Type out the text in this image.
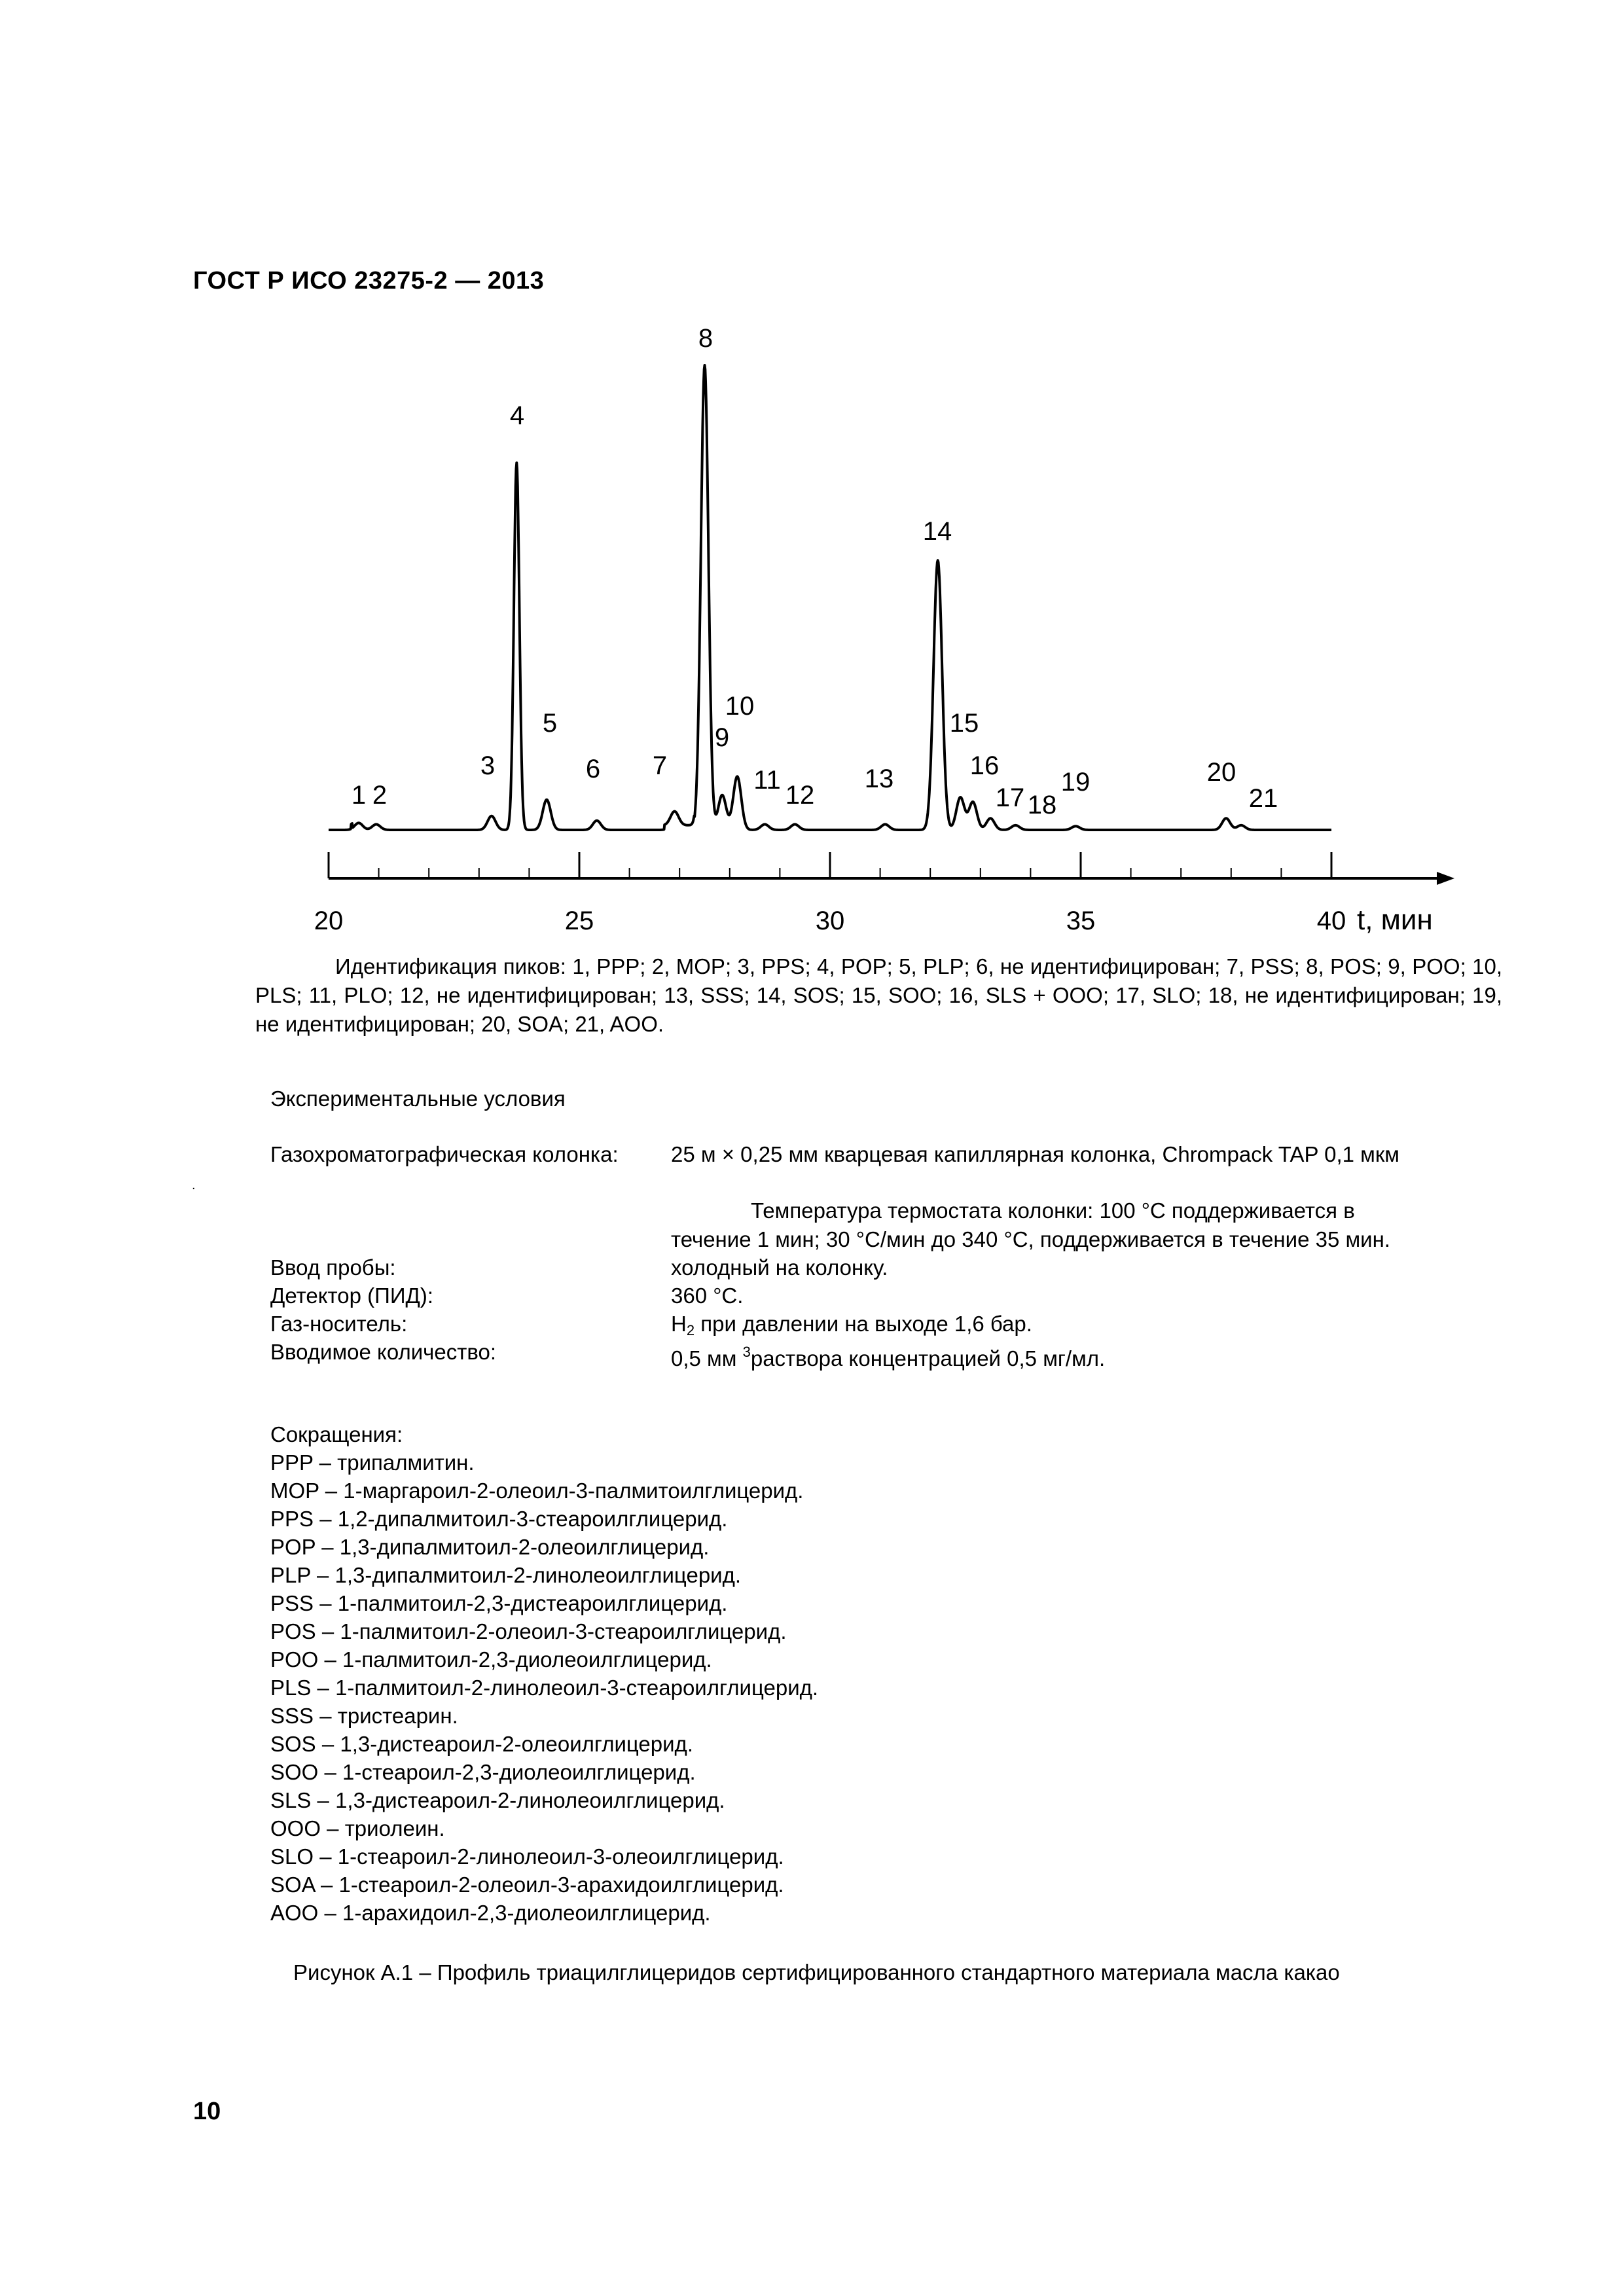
ГОСТ Р ИСО 23275-2 — 2013
20	25	30	35	40 t, мин
1 2
3
4
5
6 7
8
9
10
11
12
13
14
15
16
17 18
19	20
21
Идентификация пиков: 1, PPP; 2, MOP; 3, PPS; 4, POP; 5, PLP; 6, не идентифицирован; 7, PSS; 8, POS; 9, POO; 10, PLS; 11, PLO; 12, не идентифицирован; 13, SSS; 14, SOS; 15, SOO; 16, SLS + OOO; 17, SLO; 18, не идентифицирован; 19, не идентифицирован; 20, SOA; 21, AOO.
Экспериментальные условия
Газохроматографическая колонка: 25 м × 0,25 мм кварцевая капиллярная колонка, Chrompack TAP 0,1 мкм
.
Температура термостата колонки: 100 °C поддерживается в
течение 1 мин; 30 °C/мин до 340 °C, поддерживается в течение 35 мин.
Ввод пробы:	холодный на колонку.
Детектор (ПИД):	360 °C.
Газ-носитель:	$H_2$ при давлении на выходе 1,6 бар.
Вводимое количество:	0,5 мм $^3$раствора концентрацией 0,5 мг/мл.
Сокращения:
PPP – трипалмитин.
MOP – 1-маргароил-2-олеоил-3-палмитоилглицерид.
PPS – 1,2-дипалмитоил-3-стеароилглицерид.
POP – 1,3-дипалмитоил-2-олеоилглицерид.
PLP – 1,3-дипалмитоил-2-линолеоилглицерид.
PSS – 1-палмитоил-2,3-дистеароилглицерид.
POS – 1-палмитоил-2-олеоил-3-стеароилглицерид.
POO – 1-палмитоил-2,3-диолеоилглицерид.
PLS – 1-палмитоил-2-линолеоил-3-стеароилглицерид.
SSS – тристеарин.
SOS – 1,3-дистеароил-2-олеоилглицерид.
SOO – 1-стеароил-2,3-диолеоилглицерид.
SLS – 1,3-дистеароил-2-линолеоилглицерид.
OOO – триолеин.
SLO – 1-стеароил-2-линолеоил-3-олеоилглицерид.
SOA – 1-стеароил-2-олеоил-3-арахидоилглицерид.
AOO – 1-арахидоил-2,3-диолеоилглицерид.
Рисунок А.1 – Профиль триацилглицеридов сертифицированного стандартного материала масла какао
10
